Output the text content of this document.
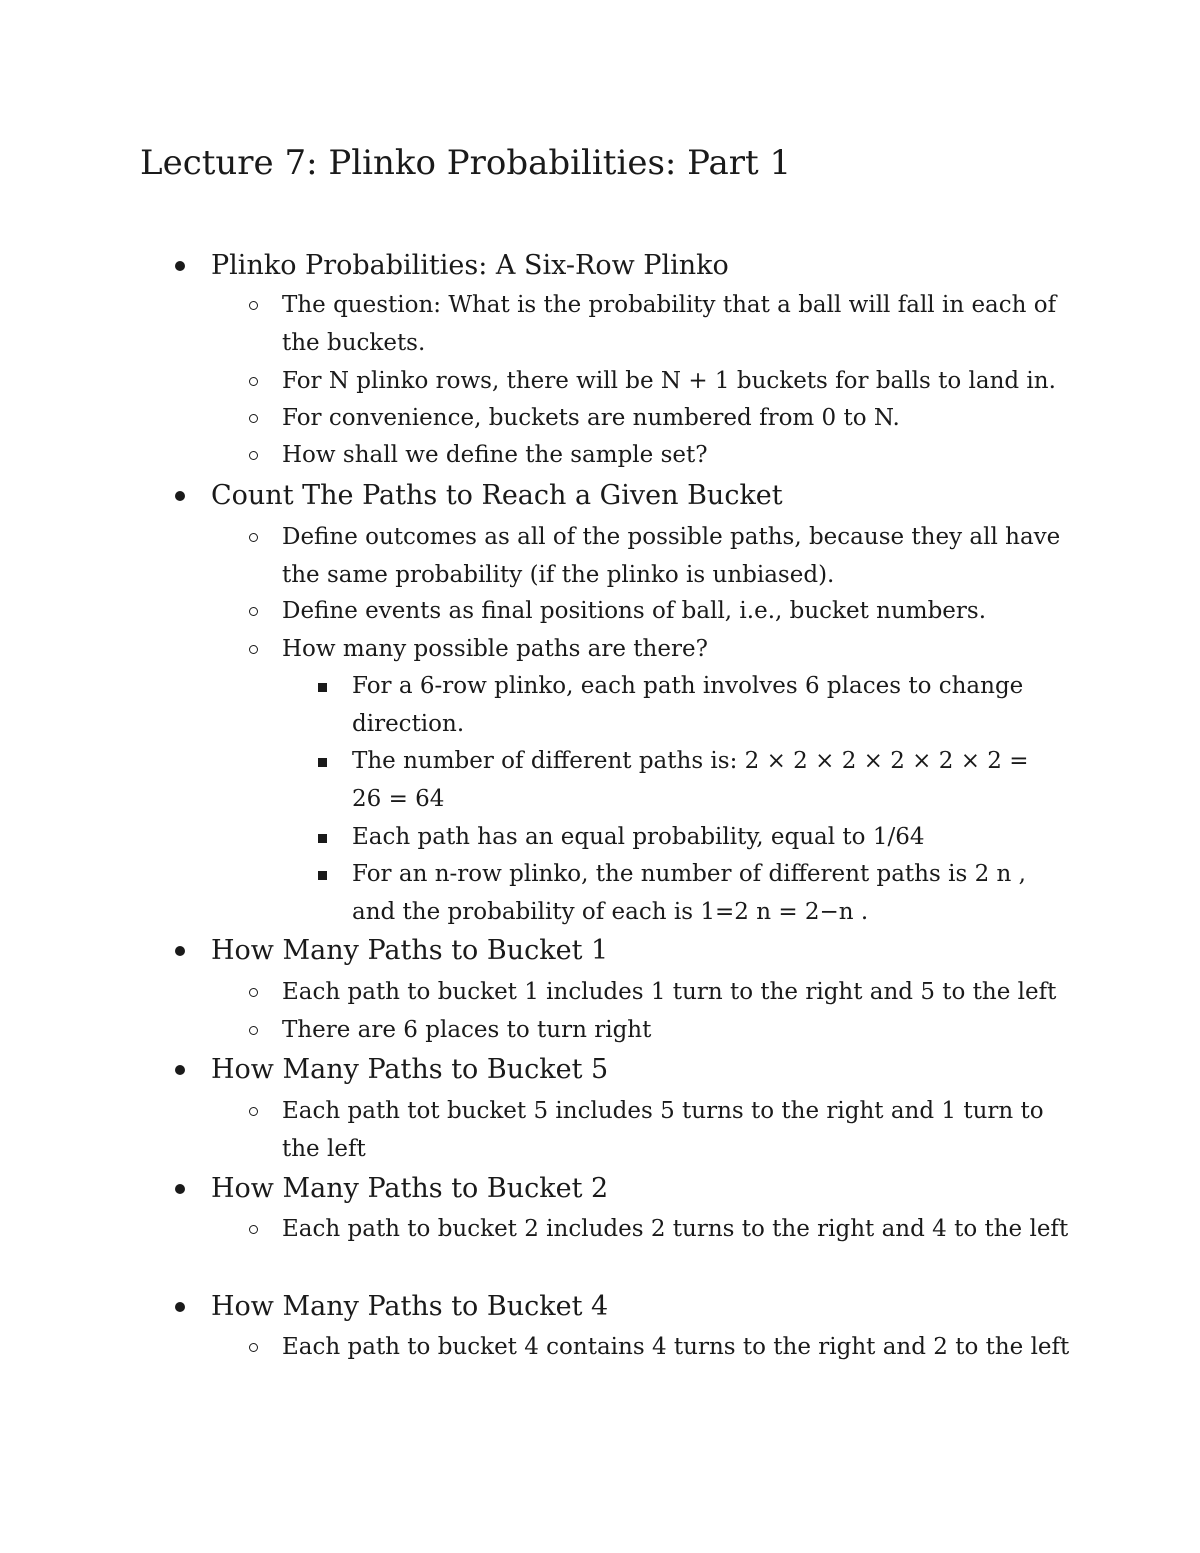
Lecture 7: Plinko Probabilities: Part 1
Plinko Probabilities: A Six-Row Plinko
The question: What is the probability that a ball will fall in each of the buckets.
For N plinko rows, there will be N + 1 buckets for balls to land in.
For convenience, buckets are numbered from 0 to N.
How shall we define the sample set?
Count The Paths to Reach a Given Bucket
Define outcomes as all of the possible paths, because they all have the same probability (if the plinko is unbiased).
Define events as final positions of ball, i.e., bucket numbers.
How many possible paths are there?
For a 6-row plinko, each path involves 6 places to change direction.
The number of different paths is: 2 × 2 × 2 × 2 × 2 × 2 = 26 = 64
Each path has an equal probability, equal to 1/64
For an n-row plinko, the number of different paths is 2 n , and the probability of each is 1=2 n = 2−n .
How Many Paths to Bucket 1
Each path to bucket 1 includes 1 turn to the right and 5 to the left
There are 6 places to turn right
How Many Paths to Bucket 5
Each path tot bucket 5 includes 5 turns to the right and 1 turn to the left
How Many Paths to Bucket 2
Each path to bucket 2 includes 2 turns to the right and 4 to the left
How Many Paths to Bucket 4
Each path to bucket 4 contains 4 turns to the right and 2 to the left
